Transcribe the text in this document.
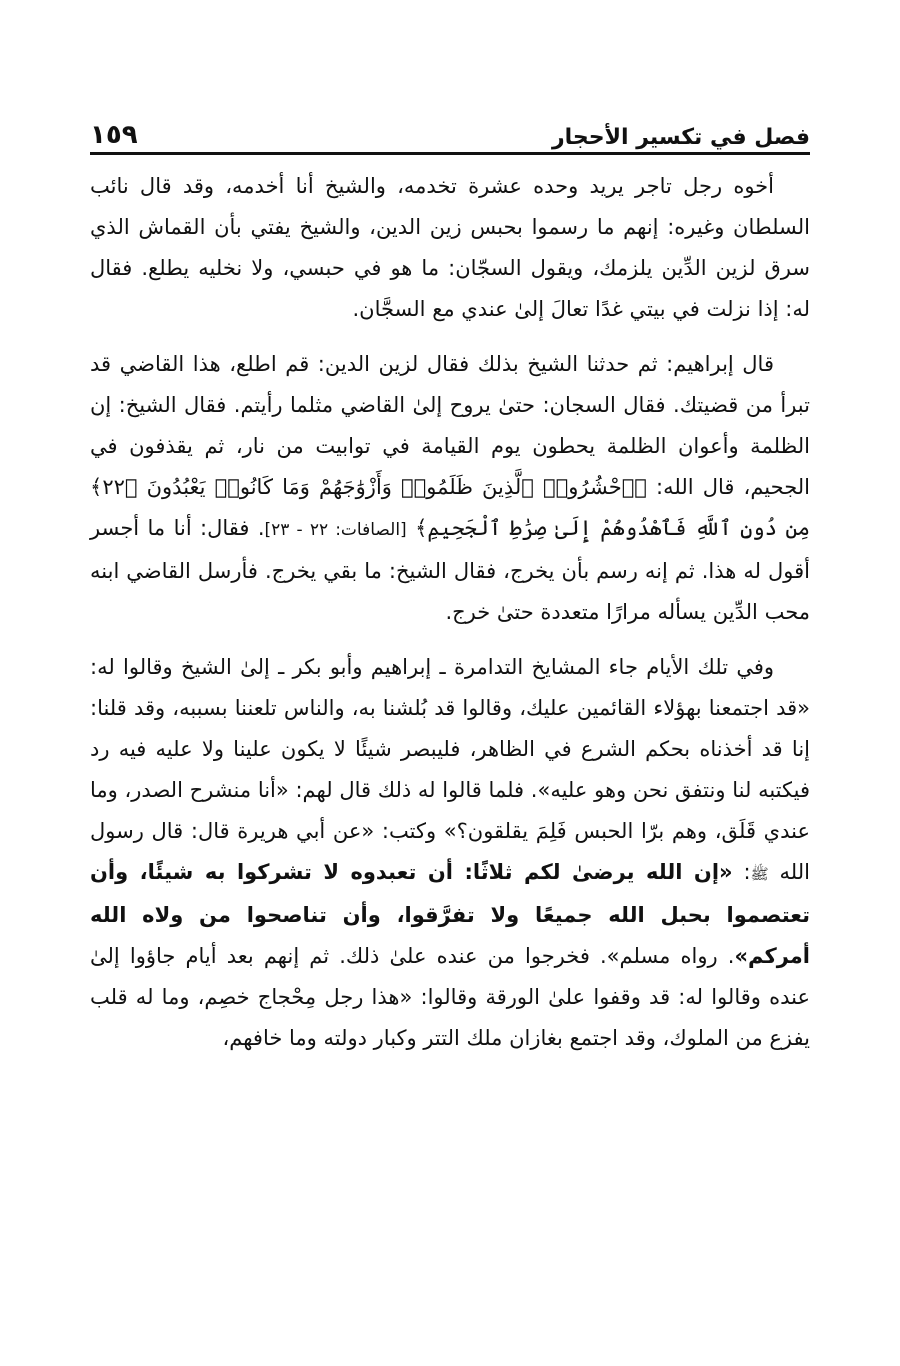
فصل في تكسير الأحجار
١٥٩

أخوه رجل تاجر يريد وحده عشرة تخدمه، والشيخ أنا أخدمه، وقد قال نائب السلطان وغيره: إنهم ما رسموا بحبس زين الدين، والشيخ يفتي بأن القماش الذي سرق لزين الدِّين يلزمك، ويقول السجّان: ما هو في حبسي، ولا نخليه يطلع. فقال له: إذا نزلت في بيتي غدًا تعالَ إلىٰ عندي مع السجَّان.

قال إبراهيم: ثم حدثنا الشيخ بذلك فقال لزين الدين: قم اطلع، هذا القاضي قد تبرأ من قضيتك. فقال السجان: حتىٰ يروح إلىٰ القاضي مثلما رأيتم. فقال الشيخ: إن الظلمة وأعوان الظلمة يحطون يوم القيامة في توابيت من نار، ثم يقذفون في الجحيم، قال الله: ﴿ٱحْشُرُوا۟ ٱلَّذِينَ ظَلَمُوا۟ وَأَزْوَٰجَهُمْ وَمَا كَانُوا۟ يَعْبُدُونَ ﴿٢٢﴾ مِن دُونِ ٱللَّهِ فَٱهْدُوهُمْ إِلَىٰ صِرَٰطِ ٱلْجَحِيمِ﴾ [الصافات: ٢٢ - ٢٣]. فقال: أنا ما أجسر أقول له هذا. ثم إنه رسم بأن يخرج، فقال الشيخ: ما بقي يخرج. فأرسل القاضي ابنه محب الدِّين يسأله مرارًا متعددة حتىٰ خرج.

وفي تلك الأيام جاء المشايخ التدامرة ـ إبراهيم وأبو بكر ـ إلىٰ الشيخ وقالوا له: «قد اجتمعنا بهؤلاء القائمين عليك، وقالوا قد بُلشنا به، والناس تلعننا بسببه، وقد قلنا: إنا قد أخذناه بحكم الشرع في الظاهر، فليبصر شيئًا لا يكون علينا ولا عليه فيه رد فيكتبه لنا ونتفق نحن وهو عليه». فلما قالوا له ذلك قال لهم: «أنا منشرح الصدر، وما عندي قَلَق، وهم برّا الحبس فَلِمَ يقلقون؟» وكتب: «عن أبي هريرة قال: قال رسول الله ﷺ: «إن الله يرضىٰ لكم ثلاثًا: أن تعبدوه لا تشركوا به شيئًا، وأن تعتصموا بحبل الله جميعًا ولا تفرَّقوا، وأن تناصحوا من ولاه الله أمركم». رواه مسلم». فخرجوا من عنده علىٰ ذلك. ثم إنهم بعد أيام جاؤوا إلىٰ عنده وقالوا له: قد وقفوا علىٰ الورقة وقالوا: «هذا رجل مِحْجاج خصِم، وما له قلب يفزع من الملوك، وقد اجتمع بغازان ملك التتر وكبار دولته وما خافهم،
